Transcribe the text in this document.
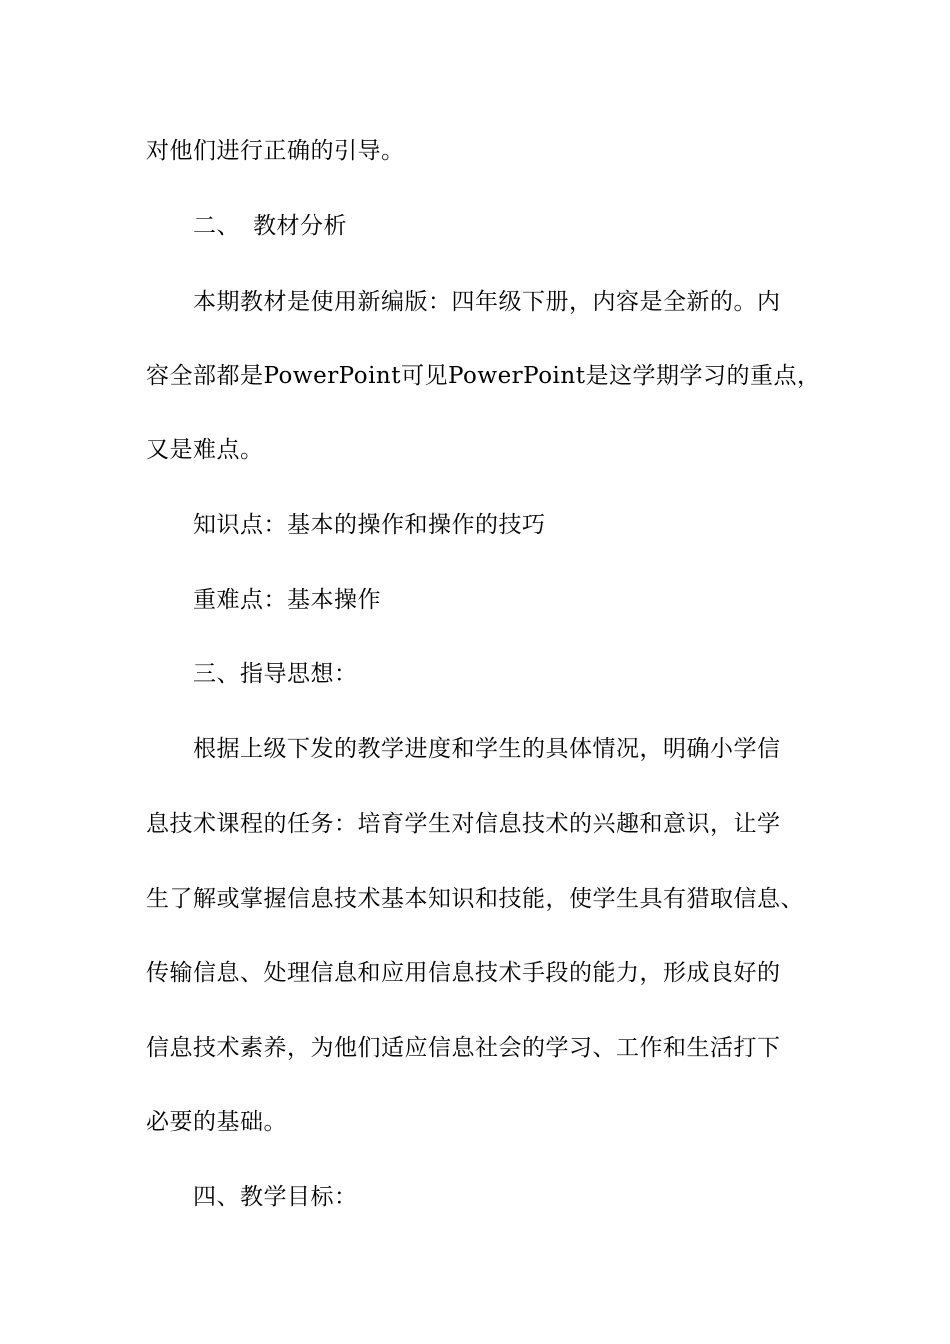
对他们进行正确的引导。
二、 教材分析
本期教材是使用新编版：四年级下册，内容是全新的。内
容全部都是PowerPoint可见PowerPoint是这学期学习的重点，
又是难点。
知识点：基本的操作和操作的技巧
重难点：基本操作
三、指导思想：
根据上级下发的教学进度和学生的具体情况，明确小学信
息技术课程的任务：培育学生对信息技术的兴趣和意识，让学
生了解或掌握信息技术基本知识和技能，使学生具有猎取信息、
传输信息、处理信息和应用信息技术手段的能力，形成良好的
信息技术素养，为他们适应信息社会的学习、工作和生活打下
必要的基础。
四、教学目标：
